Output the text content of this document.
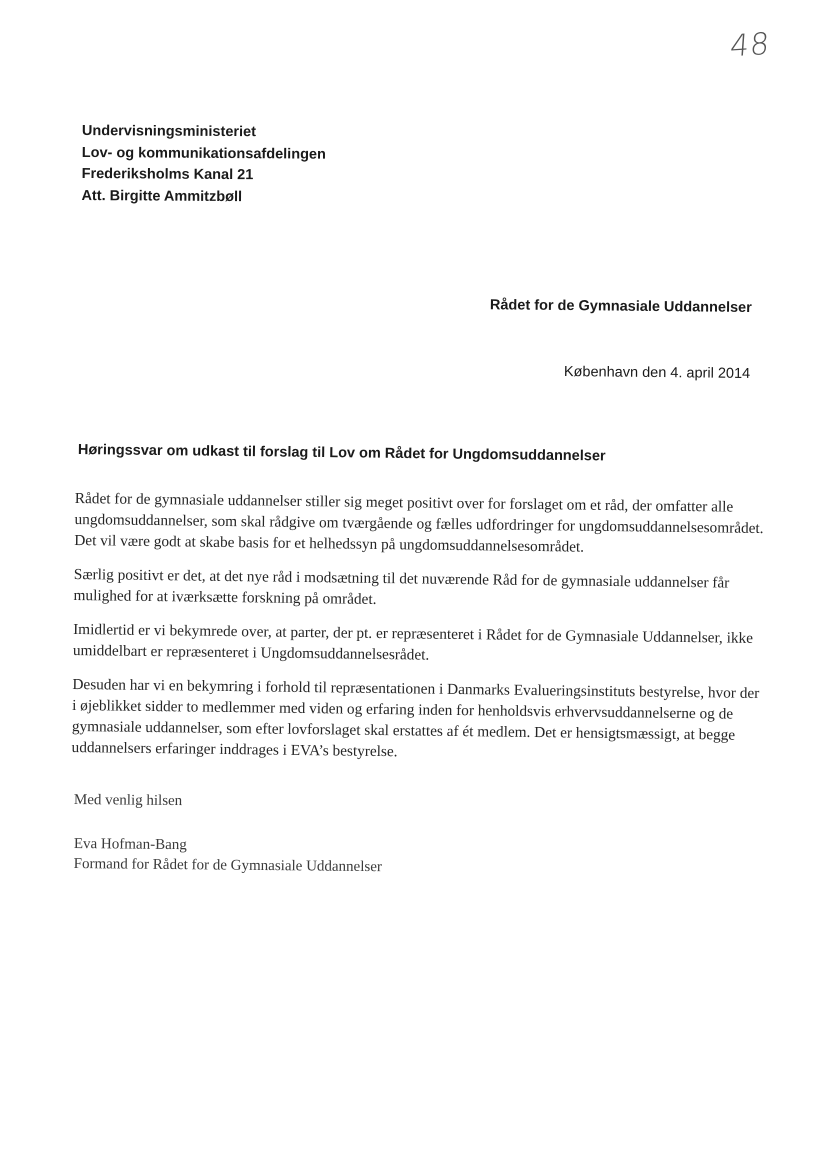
48
Undervisningsministeriet
Lov- og kommunikationsafdelingen
Frederiksholms Kanal 21
Att. Birgitte Ammitzbøll
Rådet for de Gymnasiale Uddannelser
København den 4. april 2014
Høringssvar om udkast til forslag til Lov om Rådet for Ungdomsuddannelser

Rådet for de gymnasiale uddannelser stiller sig meget positivt over for forslaget om et råd, der omfatter alle
ungdomsuddannelser, som skal rådgive om tværgående og fælles udfordringer for ungdomsuddannelsesområdet.
Det vil være godt at skabe basis for et helhedssyn på ungdomsuddannelsesområdet.

Særlig positivt er det, at det nye råd i modsætning til det nuværende Råd for de gymnasiale uddannelser får
mulighed for at iværksætte forskning på området.

Imidlertid er vi bekymrede over, at parter, der pt. er repræsenteret i Rådet for de Gymnasiale Uddannelser, ikke
umiddelbart er repræsenteret i Ungdomsuddannelsesrådet.

Desuden har vi en bekymring i forhold til repræsentationen i Danmarks Evalueringsinstituts bestyrelse, hvor der
i øjeblikket sidder to medlemmer med viden og erfaring inden for henholdsvis erhvervsuddannelserne og de
gymnasiale uddannelser, som efter lovforslaget skal erstattes af ét medlem. Det er hensigtsmæssigt, at begge
uddannelsers erfaringer inddrages i EVA’s bestyrelse.

Med venlig hilsen
Eva Hofman-Bang
Formand for Rådet for de Gymnasiale Uddannelser
